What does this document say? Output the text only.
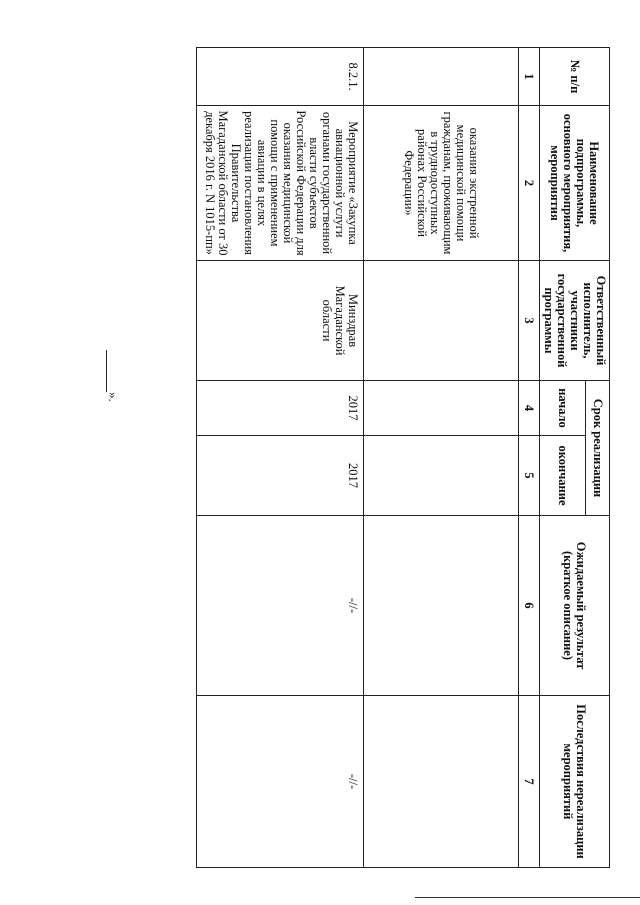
№ п/п	Наименование подпрограммы, основного мероприятия, мероприятия	Ответственный исполнитель, участники государственной программы	Срок реализации		Ожидаемый результат (краткое описание)	Последствия нереализации мероприятий
			начало	окончание		
1	2	3	4	5	6	7
	оказания экстренной медицинской помощи гражданам, проживающим в труднодоступных районах Российской Федерации»					
8.2.1.	Мероприятие «Закупка авиационной услуги органами государственной власти субъектов Российской Федерации для оказания медицинской помощи с применением авиации в целях реализации постановления Правительства Магаданской области от 30 декабря 2016 г. N 1015-пп»	Минздрав Магаданской области	2017	2017	-//-	-//-
».
